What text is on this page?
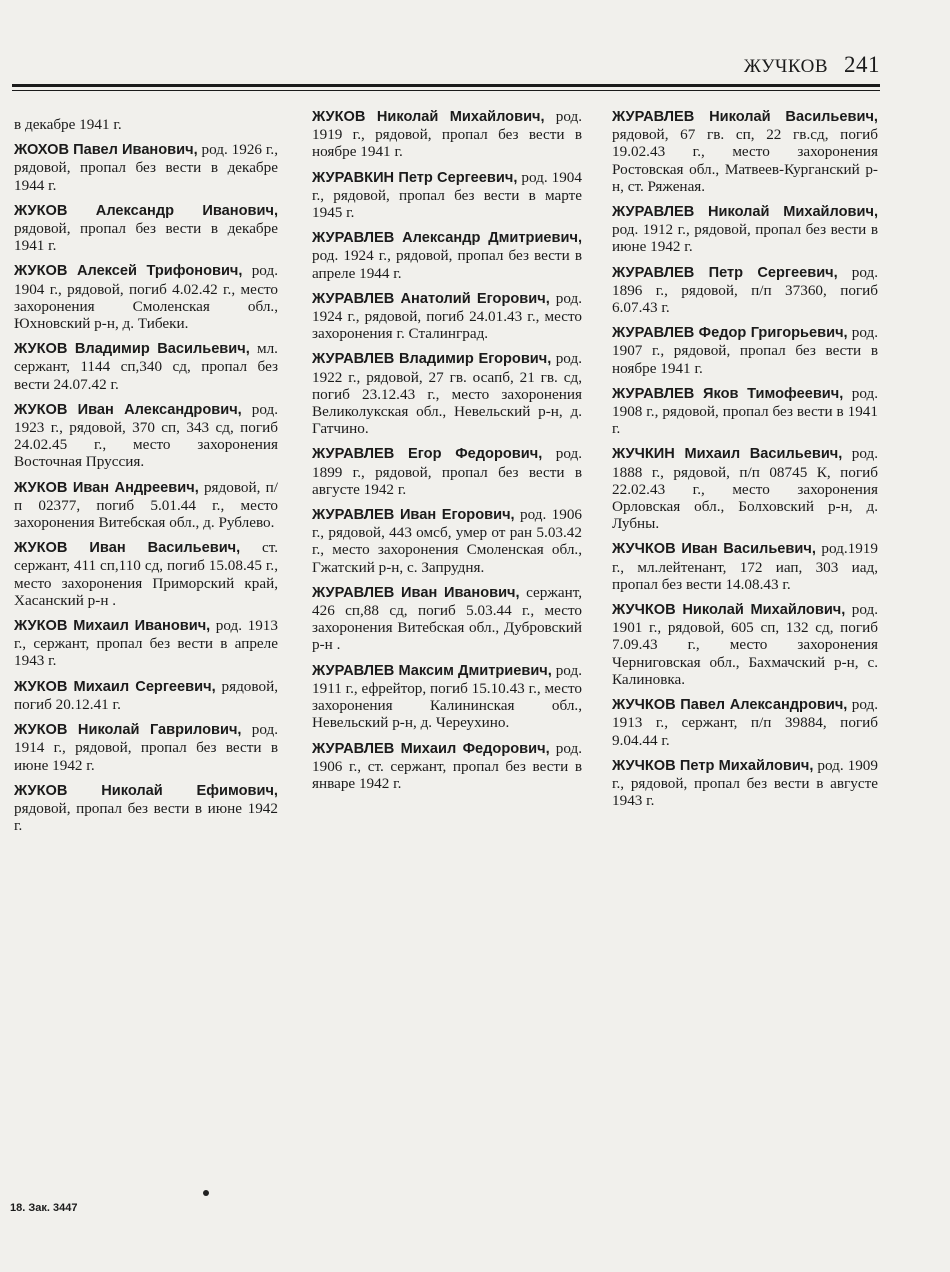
ЖУЧКОВ 241

в декабре 1941 г.

ЖОХОВ Павел Иванович, род. 1926 г., рядовой, пропал без вести в декабре 1944 г.

ЖУКОВ Александр Иванович, рядовой, пропал без вести в декабре 1941 г.

ЖУКОВ Алексей Трифонович, род. 1904 г., рядовой, погиб 4.02.42 г., место захоронения Смоленская обл., Юхновский р-н, д. Тибеки.

ЖУКОВ Владимир Васильевич, мл. сержант, 1144 сп,340 сд, пропал без вести 24.07.42 г.

ЖУКОВ Иван Александрович, род. 1923 г., рядовой, 370 сп, 343 сд, погиб 24.02.45 г., место захоронения Восточная Пруссия.

ЖУКОВ Иван Андреевич, рядовой, п/п 02377, погиб 5.01.44 г., место захоронения Витебская обл., д. Рублево.

ЖУКОВ Иван Васильевич, ст. сержант, 411 сп,110 сд, погиб 15.08.45 г., место захоронения Приморский край, Хасанский р-н .

ЖУКОВ Михаил Иванович, род. 1913 г., сержант, пропал без вести в апреле 1943 г.

ЖУКОВ Михаил Сергеевич, рядовой, погиб 20.12.41 г.

ЖУКОВ Николай Гаврилович, род. 1914 г., рядовой, пропал без вести в июне 1942 г.

ЖУКОВ Николай Ефимович, рядовой, пропал без вести в июне 1942 г.

ЖУКОВ Николай Михайлович, род. 1919 г., рядовой, пропал без вести в ноябре 1941 г.

ЖУРАВКИН Петр Сергеевич, род. 1904 г., рядовой, пропал без вести в марте 1945 г.

ЖУРАВЛЕВ Александр Дмитриевич, род. 1924 г., рядовой, пропал без вести в апреле 1944 г.

ЖУРАВЛЕВ Анатолий Егорович, род. 1924 г., рядовой, погиб 24.01.43 г., место захоронения г. Сталинград.

ЖУРАВЛЕВ Владимир Егорович, род. 1922 г., рядовой, 27 гв. осапб, 21 гв. сд, погиб 23.12.43 г., место захоронения Великолукская обл., Невельский р-н, д. Гатчино.

ЖУРАВЛЕВ Егор Федорович, род. 1899 г., рядовой, пропал без вести в августе 1942 г.

ЖУРАВЛЕВ Иван Егорович, род. 1906 г., рядовой, 443 омсб, умер от ран 5.03.42 г., место захоронения Смоленская обл., Гжатский р-н, с. Запрудня.

ЖУРАВЛЕВ Иван Иванович, сержант, 426 сп,88 сд, погиб 5.03.44 г., место захоронения Витебская обл., Дубровский р-н .

ЖУРАВЛЕВ Максим Дмитриевич, род. 1911 г., ефрейтор, погиб 15.10.43 г., место захоронения Калининская обл., Невельский р-н, д. Череухино.

ЖУРАВЛЕВ Михаил Федорович, род. 1906 г., ст. сержант, пропал без вести в январе 1942 г.

ЖУРАВЛЕВ Николай Васильевич, рядовой, 67 гв. сп, 22 гв.сд, погиб 19.02.43 г., место захоронения Ростовская обл., Матвеев-Курганский р-н, ст. Ряженая.

ЖУРАВЛЕВ Николай Михайлович, род. 1912 г., рядовой, пропал без вести в июне 1942 г.

ЖУРАВЛЕВ Петр Сергеевич, род. 1896 г., рядовой, п/п 37360, погиб 6.07.43 г.

ЖУРАВЛЕВ Федор Григорьевич, род. 1907 г., рядовой, пропал без вести в ноябре 1941 г.

ЖУРАВЛЕВ Яков Тимофеевич, род. 1908 г., рядовой, пропал без вести в 1941 г.

ЖУЧКИН Михаил Васильевич, род. 1888 г., рядовой, п/п 08745 К, погиб 22.02.43 г., место захоронения Орловская обл., Болховский р-н, д. Лубны.

ЖУЧКОВ Иван Васильевич, род.1919 г., мл.лейтенант, 172 иап, 303 иад, пропал без вести 14.08.43 г.

ЖУЧКОВ Николай Михайлович, род. 1901 г., рядовой, 605 сп, 132 сд, погиб 7.09.43 г., место захоронения Черниговская обл., Бахмачский р-н, с. Калиновка.

ЖУЧКОВ Павел Александрович, род. 1913 г., сержант, п/п 39884, погиб 9.04.44 г.

ЖУЧКОВ Петр Михайлович, род. 1909 г., рядовой, пропал без вести в августе 1943 г.

18. Зак. 3447
